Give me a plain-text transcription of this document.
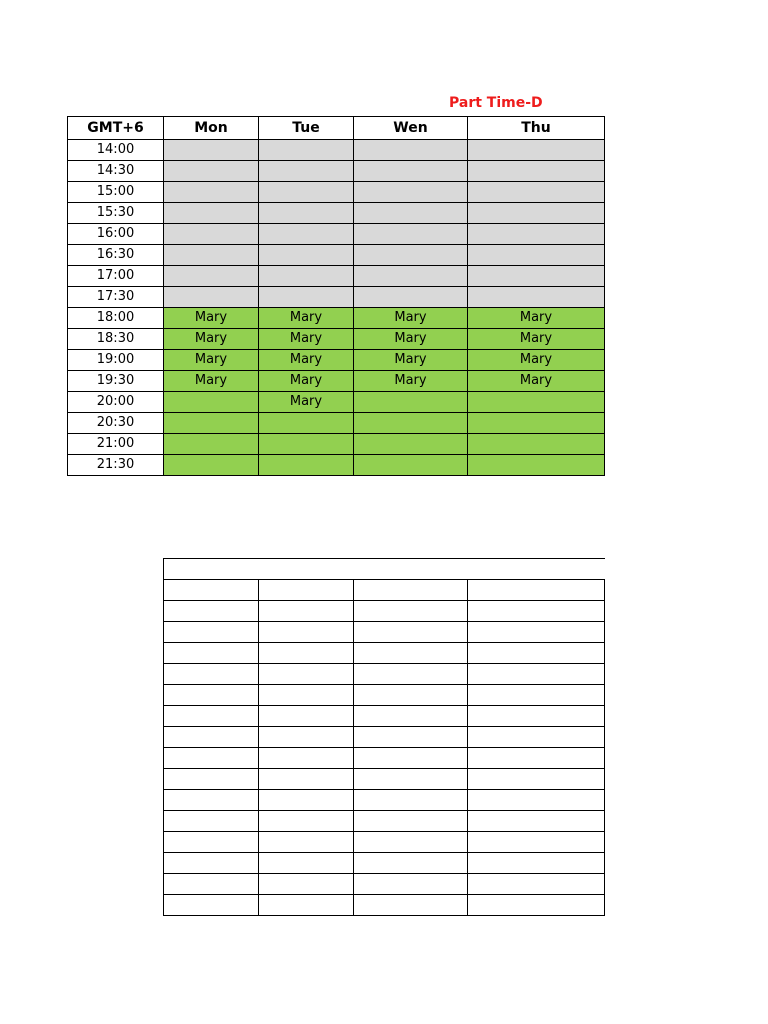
Part Time-D
GMT+6	Mon	Tue	Wen	Thu
14:00				
14:30				
15:00				
15:30				
16:00				
16:30				
17:00				
17:30				
18:00	Mary	Mary	Mary	Mary
18:30	Mary	Mary	Mary	Mary
19:00	Mary	Mary	Mary	Mary
19:30	Mary	Mary	Mary	Mary
20:00		Mary		
20:30				
21:00				
21:30				
